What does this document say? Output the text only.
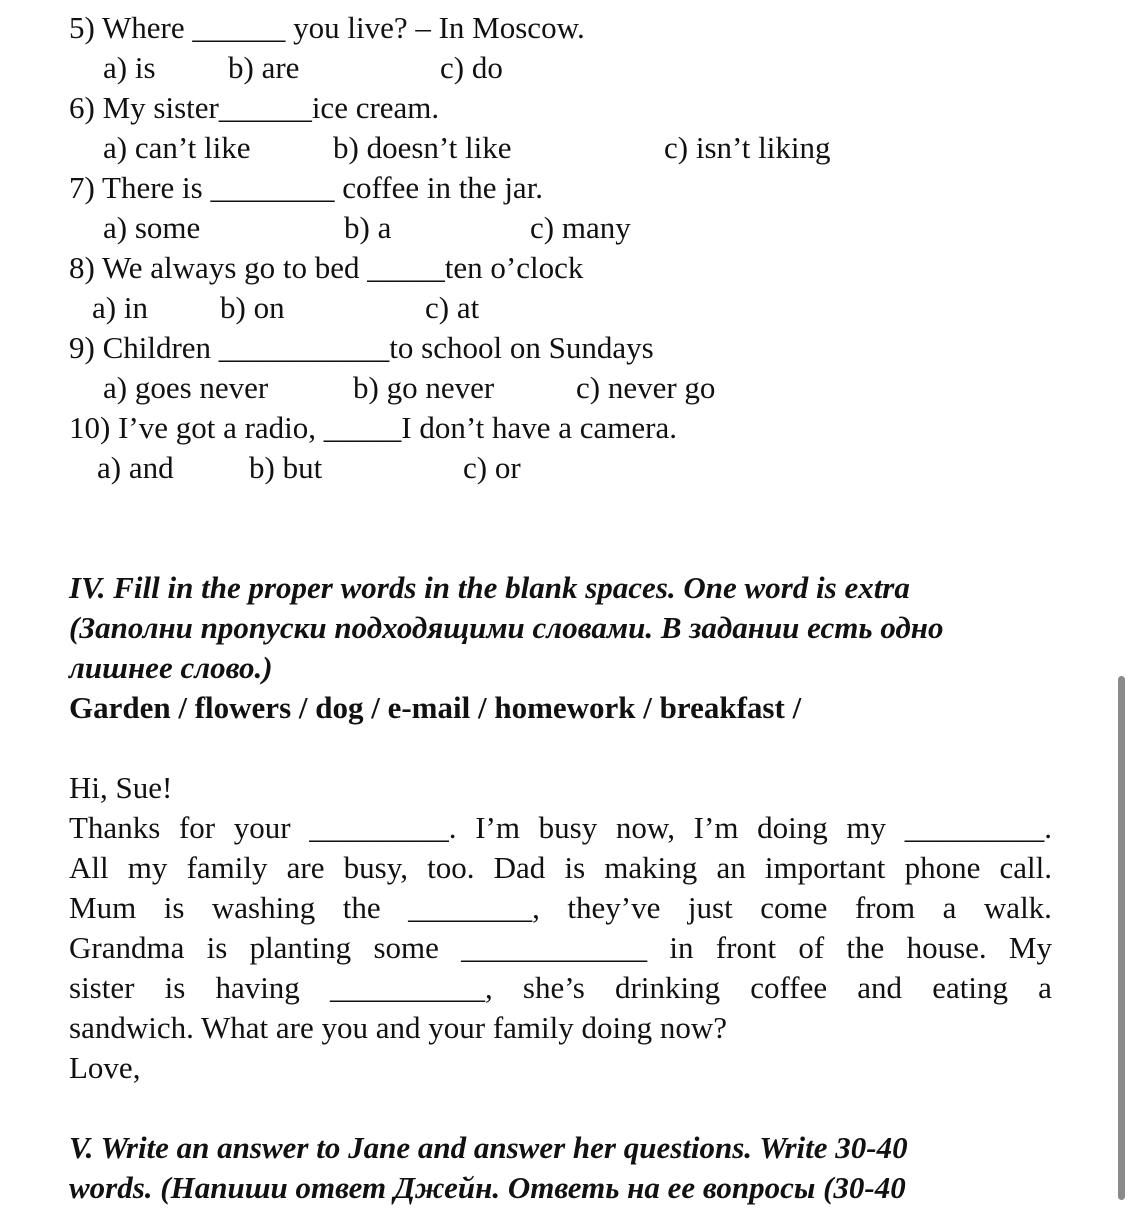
5) Where ______ you live? – In Moscow.
a) is b) are	c) do
6) My sister______ice cream.
a) can’t like	b) doesn’t like	c) isn’t liking
7) There is ________ coffee in the jar.
a) some	b) a	c) many
8) We always go to bed _____ten o’clock
a) in b) on	c) at
9) Children ___________to school on Sundays
a) goes never	b) go never	c) never go
10) I’ve got a radio, _____I don’t have a camera.
a) and b) but	c) or
IV. Fill in the proper words in the blank spaces. One word is extra
(Заполни пропуски подходящими словами. В задании есть одно
лишнее слово.)
Garden / flowers / dog / e-mail / homework / breakfast /
Hi, Sue!
Thanks for your _________. I’m busy now, I’m doing my _________.
All my family are busy, too. Dad is making an important phone call.
Mum is washing the ________, they’ve just come from a walk.
Grandma is planting some ____________ in front of the house. My
sister is having __________, she’s drinking coffee and eating a
sandwich. What are you and your family doing now?
Love,
V. Write an answer to Jane and answer her questions. Write 30-40
words. (Напиши ответ Джейн. Ответь на ее вопросы (30-40
